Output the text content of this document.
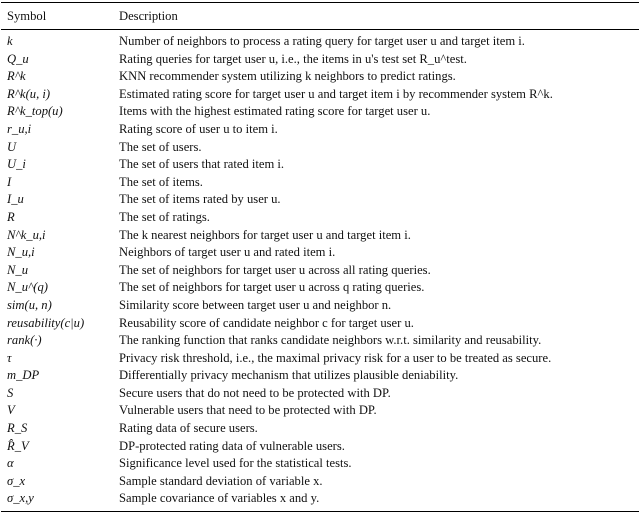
Symbol	Description
k	Number of neighbors to process a rating query for target user u and target item i.
Q_u	Rating queries for target user u, i.e., the items in u's test set R_u^test.
R^k	KNN recommender system utilizing k neighbors to predict ratings.
R^k(u, i)	Estimated rating score for target user u and target item i by recommender system R^k.
R^k_top(u)	Items with the highest estimated rating score for target user u.
r_u,i	Rating score of user u to item i.
U	The set of users.
U_i	The set of users that rated item i.
I	The set of items.
I_u	The set of items rated by user u.
R	The set of ratings.
N^k_u,i	The k nearest neighbors for target user u and target item i.
N_u,i	Neighbors of target user u and rated item i.
N_u	The set of neighbors for target user u across all rating queries.
N_u^(q)	The set of neighbors for target user u across q rating queries.
sim(u, n)	Similarity score between target user u and neighbor n.
reusability(c|u)	Reusability score of candidate neighbor c for target user u.
rank(·)	The ranking function that ranks candidate neighbors w.r.t. similarity and reusability.
τ	Privacy risk threshold, i.e., the maximal privacy risk for a user to be treated as secure.
m_DP	Differentially privacy mechanism that utilizes plausible deniability.
S	Secure users that do not need to be protected with DP.
V	Vulnerable users that need to be protected with DP.
R_S	Rating data of secure users.
R̂_V	DP-protected rating data of vulnerable users.
α	Significance level used for the statistical tests.
σ_x	Sample standard deviation of variable x.
σ_x,y	Sample covariance of variables x and y.
